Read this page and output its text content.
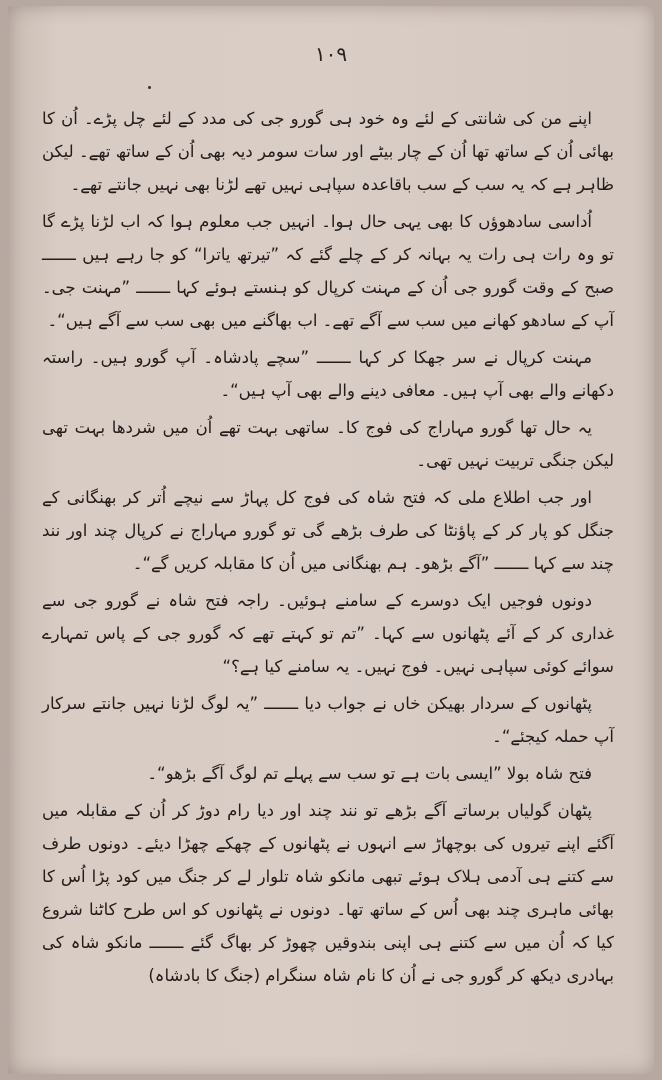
۱۰۹

اپنے من کی شانتی کے لئے وہ خود ہی گورو جی کی مدد کے لئے چل پڑے۔ اُن کا بھائی اُن کے ساتھ تھا اُن کے چار بیٹے اور سات سومر دیہ بھی اُن کے ساتھ تھے۔ لیکن ظاہر ہے کہ یہ سب کے سب باقاعدہ سپاہی نہیں تھے لڑنا بھی نہیں جانتے تھے۔

اُداسی سادھوؤں کا بھی یہی حال ہوا۔ انہیں جب معلوم ہوا کہ اب لڑنا پڑے گا تو وہ رات ہی رات یہ بہانہ کر کے چلے گئے کہ ”تیرتھ یاترا“ کو جا رہے ہیں ـــــــ صبح کے وقت گورو جی اُن کے مہنت کرپال کو ہنستے ہوئے کہا ـــــــ ”مہنت جی۔ آپ کے سادھو کھانے میں سب سے آگے تھے۔ اب بھاگنے میں بھی سب سے آگے ہیں“۔

مہنت کرپال نے سر جھکا کر کہا ـــــــ ”سچے پادشاہ۔ آپ گورو ہیں۔ راستہ دکھانے والے بھی آپ ہیں۔ معافی دینے والے بھی آپ ہیں“۔

یہ حال تھا گورو مہاراج کی فوج کا۔ ساتھی بہت تھے اُن میں شردھا بہت تھی لیکن جنگی تربیت نہیں تھی۔

اور جب اطلاع ملی کہ فتح شاہ کی فوج کل پہاڑ سے نیچے اُتر کر بھنگانی کے جنگل کو پار کر کے پاؤنٹا کی طرف بڑھے گی تو گورو مہاراج نے کرپال چند اور نند چند سے کہا ـــــــ ”آگے بڑھو۔ ہم بھنگانی میں اُن کا مقابلہ کریں گے“۔

دونوں فوجیں ایک دوسرے کے سامنے ہوئیں۔ راجہ فتح شاہ نے گورو جی سے غداری کر کے آئے پٹھانوں سے کہا۔ ”تم تو کہتے تھے کہ گورو جی کے پاس تمہارے سوائے کوئی سپاہی نہیں۔ فوج نہیں۔ یہ سامنے کیا ہے؟“

پٹھانوں کے سردار بھیکن خاں نے جواب دیا ـــــــ ”یہ لوگ لڑنا نہیں جانتے سرکار آپ حملہ کیجئے“۔

فتح شاہ بولا ”ایسی بات ہے تو سب سے پہلے تم لوگ آگے بڑھو“۔

پٹھان گولیاں برساتے آگے بڑھے تو نند چند اور دیا رام دوڑ کر اُن کے مقابلہ میں آگئے اپنے تیروں کی بوچھاڑ سے انہوں نے پٹھانوں کے چھکے چھڑا دیئے۔ دونوں طرف سے کتنے ہی آدمی ہلاک ہوئے تبھی مانکو شاہ تلوار لے کر جنگ میں کود پڑا اُس کا بھائی ماہری چند بھی اُس کے ساتھ تھا۔ دونوں نے پٹھانوں کو اس طرح کاٹنا شروع کیا کہ اُن میں سے کتنے ہی اپنی بندوقیں چھوڑ کر بھاگ گئے ـــــــ مانکو شاہ کی بہادری دیکھ کر گورو جی نے اُن کا نام شاہ سنگرام (جنگ کا بادشاہ)
